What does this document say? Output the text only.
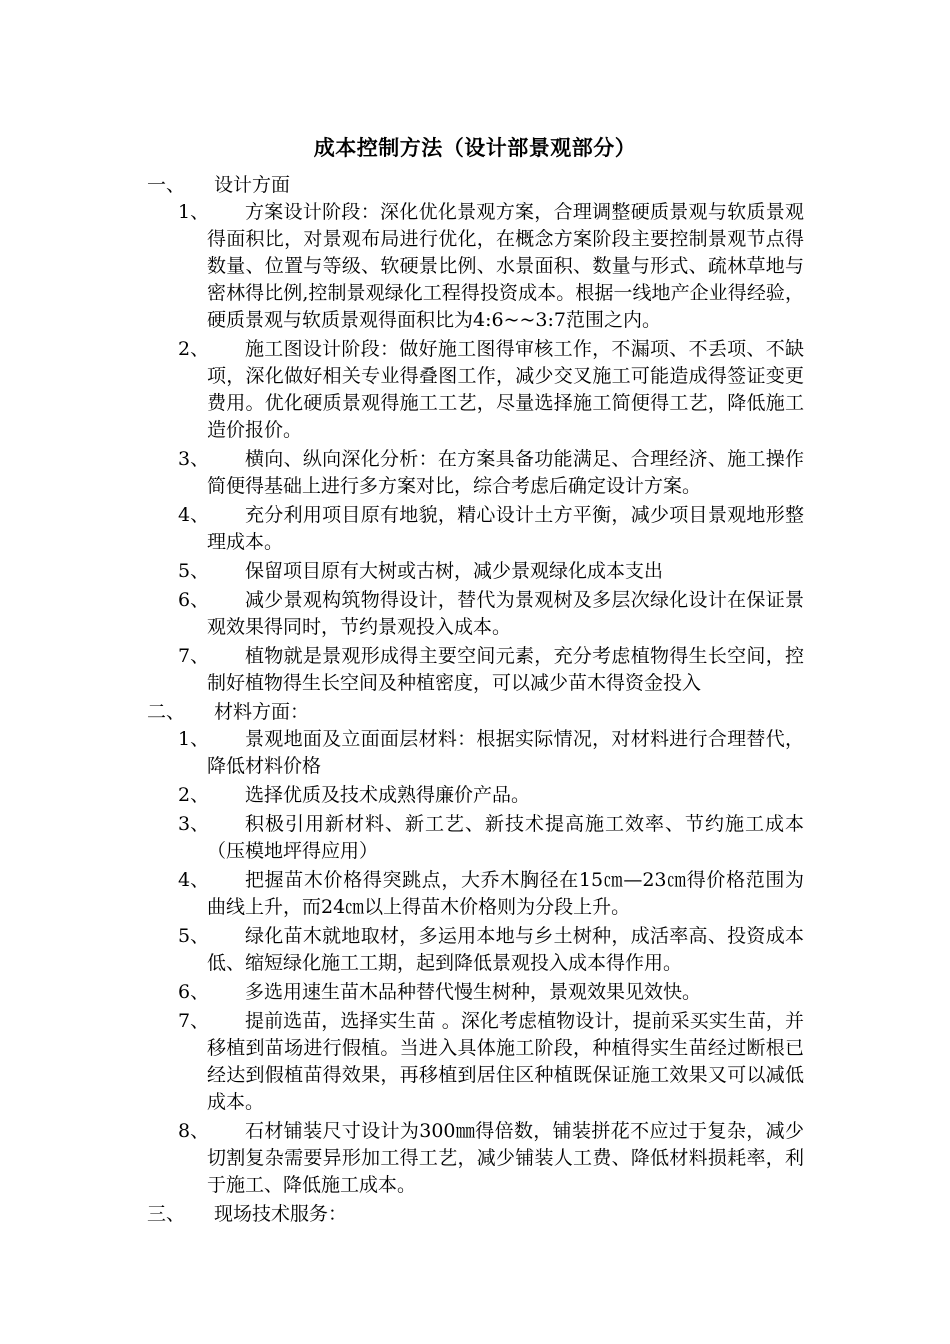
成本控制方法（设计部景观部分）
一、 设计方面
1、	方案设计阶段：深化优化景观方案，合理调整硬质景观与软质景观得面积比，对景观布局进行优化，在概念方案阶段主要控制景观节点得数量、位置与等级、软硬景比例、水景面积、数量与形式、疏林草地与密林得比例,控制景观绿化工程得投资成本。根据一线地产企业得经验，硬质景观与软质景观得面积比为4:6~~3:7范围之内。
2、	施工图设计阶段：做好施工图得审核工作，不漏项、不丢项、不缺项，深化做好相关专业得叠图工作，减少交叉施工可能造成得签证变更费用。优化硬质景观得施工工艺，尽量选择施工简便得工艺，降低施工造价报价。
3、	横向、纵向深化分析：在方案具备功能满足、合理经济、施工操作简便得基础上进行多方案对比，综合考虑后确定设计方案。
4、	充分利用项目原有地貌，精心设计土方平衡，减少项目景观地形整理成本。
5、	保留项目原有大树或古树，减少景观绿化成本支出
6、	减少景观构筑物得设计，替代为景观树及多层次绿化设计在保证景观效果得同时，节约景观投入成本。
7、	植物就是景观形成得主要空间元素，充分考虑植物得生长空间，控制好植物得生长空间及种植密度，可以减少苗木得资金投入
二、 材料方面：
1、	景观地面及立面面层材料：根据实际情况，对材料进行合理替代，降低材料价格
2、	选择优质及技术成熟得廉价产品。
3、	积极引用新材料、新工艺、新技术提高施工效率、节约施工成本（压模地坪得应用）
4、	把握苗木价格得突跳点，大乔木胸径在15㎝—23㎝得价格范围为曲线上升，而24㎝以上得苗木价格则为分段上升。
5、	绿化苗木就地取材，多运用本地与乡土树种，成活率高、投资成本低、缩短绿化施工工期，起到降低景观投入成本得作用。
6、	多选用速生苗木品种替代慢生树种，景观效果见效快。
7、	提前选苗，选择实生苗 。深化考虑植物设计，提前采买实生苗，并移植到苗场进行假植。当进入具体施工阶段，种植得实生苗经过断根已经达到假植苗得效果，再移植到居住区种植既保证施工效果又可以减低成本。
8、	石材铺装尺寸设计为300㎜得倍数，铺装拼花不应过于复杂，减少切割复杂需要异形加工得工艺，减少铺装人工费、降低材料损耗率，利于施工、降低施工成本。
三、 现场技术服务：
